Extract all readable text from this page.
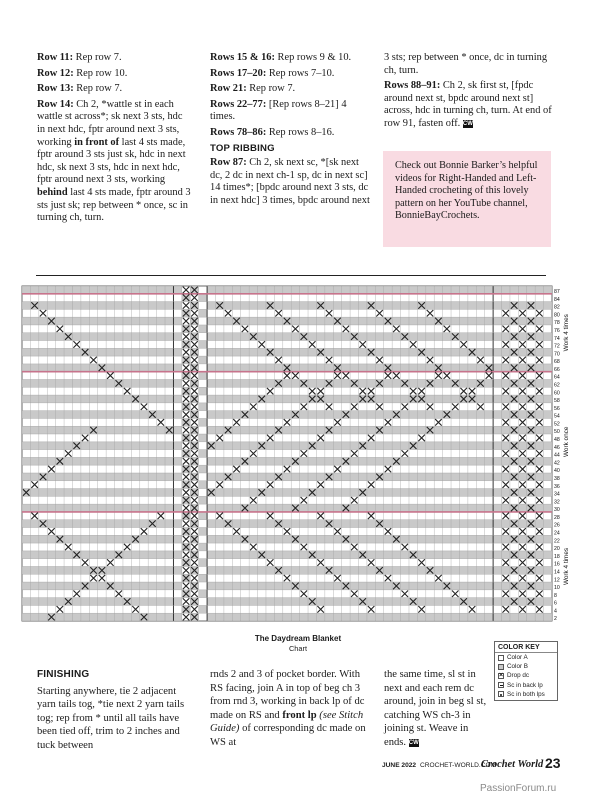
Row 11: Rep row 7.

Row 12: Rep row 10.

Row 13: Rep row 7.

Row 14: Ch 2, *wattle st in each wattle st across*; sk next 3 sts, hdc in next hdc, fptr around next 3 sts, working in front of last 4 sts made, fptr around 3 sts just sk, hdc in next hdc, sk next 3 sts, hdc in next hdc, fptr around next 3 sts, working behind last 4 sts made, fptr around 3 sts just sk; rep between * once, sc in turning ch, turn.

Rows 15 & 16: Rep rows 9 & 10.

Rows 17–20: Rep rows 7–10.

Row 21: Rep row 7.

Rows 22–77: [Rep rows 8–21] 4 times.

Rows 78–86: Rep rows 8–16.

TOP RIBBING

Row 87: Ch 2, sk next sc, *[sk next dc, 2 dc in next ch-1 sp, dc in next sc] 14 times*; [bpdc around next 3 sts, dc in next hdc] 3 times, bpdc around next

3 sts; rep between * once, dc in turning ch, turn.

Rows 88–91: Ch 2, sk first st, [fpdc around next st, bpdc around next st] across, hdc in turning ch, turn. At end of row 91, fasten off. CW

Check out Bonnie Barker’s helpful videos for Right-Handed and Left-Handed crocheting of this lovely pattern on her YouTube channel, BonnieBayCrochets.
87
84
82
80
78
76
74
72
70
68
66
64
62
60
58
56
54
52
50
48
46
44
42
40
38
36
34
32
30
28
26
24
22
20
18
16
14
12
10
8
6
4
2
Work 4 times
Work once
Work 4 times
The Daydream Blanket
Chart	COLOR KEY
Color A
Color B
× Drop dc
Sc in back lp
Sc in both lps
FINISHING
Starting anywhere, tie 2 adjacent yarn tails tog, *tie next 2 yarn tails tog; rep from * until all tails have been tied off, trim to 2 inches and tuck between
rnds 2 and 3 of pocket border. With RS facing, join A in top of beg ch 3 from rnd 3, working in back lp of dc made on RS and front lp (see Stitch Guide) of corresponding dc made on WS at
the same time, sl st in next and each rem dc around, join in beg sl st, catching WS ch-3 in joining st. Weave in ends. CW
JUNE 2022 CROCHET-WORLD.COM
Crochet World 23
PassionForum.ru
